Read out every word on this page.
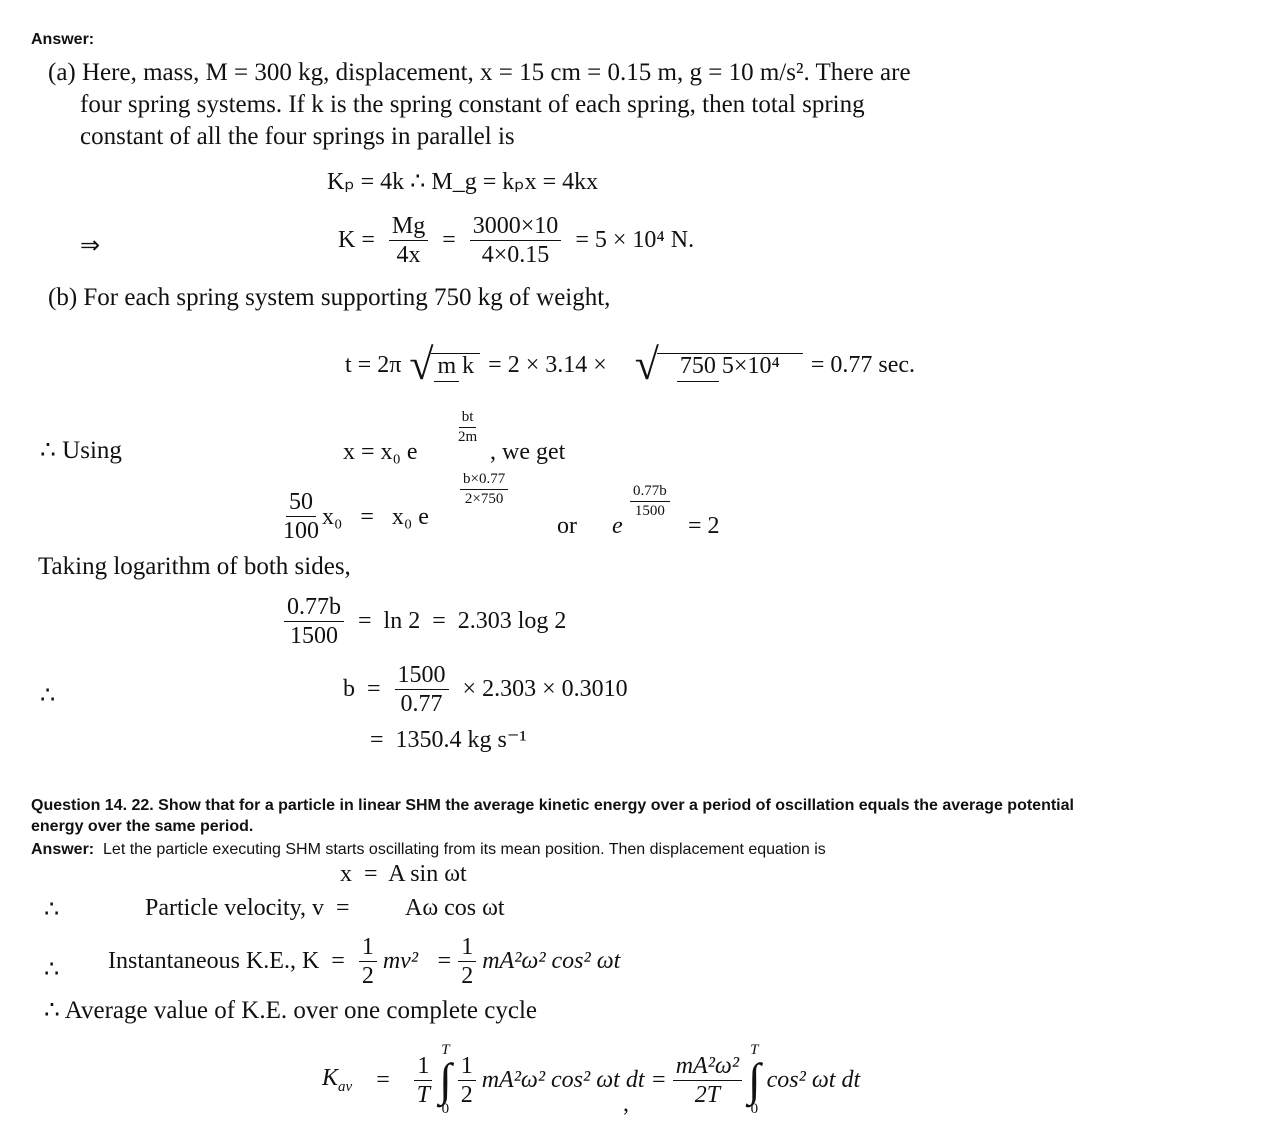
Answer:
(a) Here, mass, M = 300 kg, displacement, x = 15 cm = 0.15 m, g = 10 m/s². There are
four spring systems. If k is the spring constant of each spring, then total spring
constant of all the four springs in parallel is
Kₚ = 4k ∴ M_g = kₚx = 4kx
⇒	$K = \frac{Mg}{4x} = \frac{3000\times 10}{4\times 0.15} = 5 \times 10^4$ N.
(b) For each spring system supporting 750 kg of weight,
t = 2π √ m k = 2 × 3.14 × √ 750 5×10⁴	= 0.77 sec.
∴ Using	x = x₀ e
$\frac{bt}{2m}$
, we get
$\frac{50}{100} x_0 = x_0$ e
$\frac{b\times 0.77}{2\times 750}$
or e
$\frac{0.77b}{1500}$
= 2
Taking logarithm of both sides,
$\frac{0.77b}{1500} = \ln 2 = 2.303$ log 2
∴	$b = \frac{1500}{0.77} \times 2.303 \times 0.3010$
=  1350.4 kg s⁻¹
Question 14. 22. Show that for a particle in linear SHM the average kinetic energy over a period of oscillation equals the average potential
energy over the same period.
Answer: Let the particle executing SHM starts oscillating from its mean position. Then displacement equation is
x  =  A sin ωt
∴	Particle velocity, v  = Aω cos ωt
∴ Instantaneous K.E., $K = \frac{1}{2} mv^2 = \frac{1}{2} mA^2\omega^2$ cos² ωt
∴ Average value of K.E. over one complete cycle
$K_{av} = \frac{1}{T}$
T
∫
0
$\frac{1}{2} mA^2\omega^2$ cos² ωt dt = $\frac{\text{mA²ω²}}{2T}$
T
∫
0
cos² ωt dt
,
